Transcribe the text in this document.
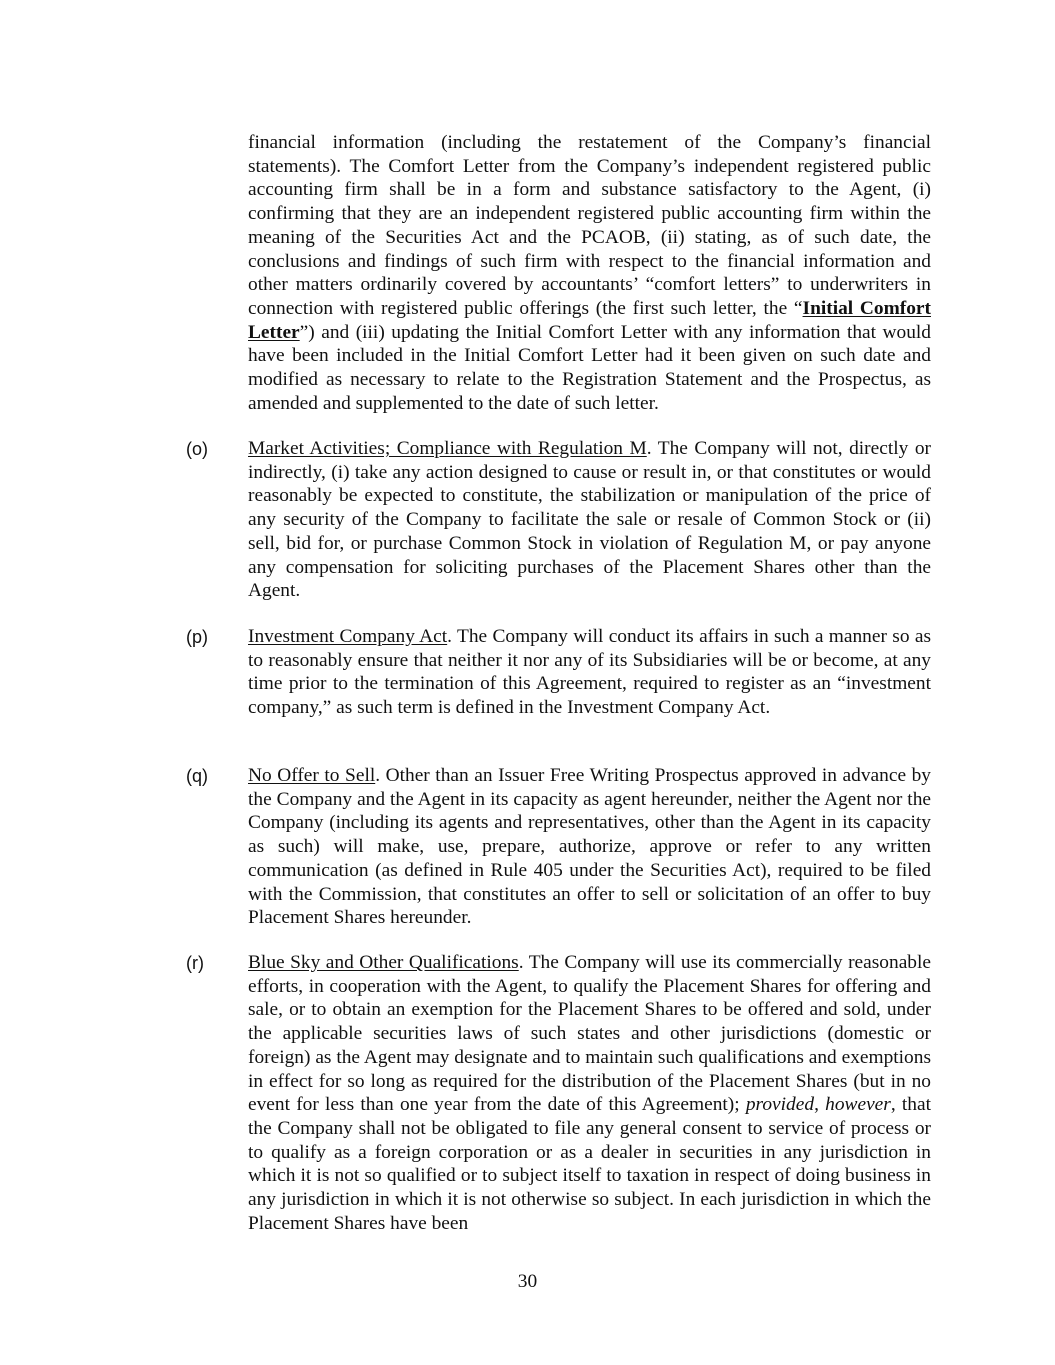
financial information (including the restatement of the Company’s financial statements). The Comfort Letter from the Company’s independent registered public accounting firm shall be in a form and substance satisfactory to the Agent, (i) confirming that they are an independent registered public accounting firm within the meaning of the Securities Act and the PCAOB, (ii) stating, as of such date, the conclusions and findings of such firm with respect to the financial information and other matters ordinarily covered by accountants’ “comfort letters” to underwriters in connection with registered public offerings (the first such letter, the “Initial Comfort Letter”) and (iii) updating the Initial Comfort Letter with any information that would have been included in the Initial Comfort Letter had it been given on such date and modified as necessary to relate to the Registration Statement and the Prospectus, as amended and supplemented to the date of such letter.
(o) Market Activities; Compliance with Regulation M. The Company will not, directly or indirectly, (i) take any action designed to cause or result in, or that constitutes or would reasonably be expected to constitute, the stabilization or manipulation of the price of any security of the Company to facilitate the sale or resale of Common Stock or (ii) sell, bid for, or purchase Common Stock in violation of Regulation M, or pay anyone any compensation for soliciting purchases of the Placement Shares other than the Agent.
(p) Investment Company Act. The Company will conduct its affairs in such a manner so as to reasonably ensure that neither it nor any of its Subsidiaries will be or become, at any time prior to the termination of this Agreement, required to register as an “investment company,” as such term is defined in the Investment Company Act.
(q) No Offer to Sell. Other than an Issuer Free Writing Prospectus approved in advance by the Company and the Agent in its capacity as agent hereunder, neither the Agent nor the Company (including its agents and representatives, other than the Agent in its capacity as such) will make, use, prepare, authorize, approve or refer to any written communication (as defined in Rule 405 under the Securities Act), required to be filed with the Commission, that constitutes an offer to sell or solicitation of an offer to buy Placement Shares hereunder.
(r) Blue Sky and Other Qualifications. The Company will use its commercially reasonable efforts, in cooperation with the Agent, to qualify the Placement Shares for offering and sale, or to obtain an exemption for the Placement Shares to be offered and sold, under the applicable securities laws of such states and other jurisdictions (domestic or foreign) as the Agent may designate and to maintain such qualifications and exemptions in effect for so long as required for the distribution of the Placement Shares (but in no event for less than one year from the date of this Agreement); provided, however, that the Company shall not be obligated to file any general consent to service of process or to qualify as a foreign corporation or as a dealer in securities in any jurisdiction in which it is not so qualified or to subject itself to taxation in respect of doing business in any jurisdiction in which it is not otherwise so subject. In each jurisdiction in which the Placement Shares have been
30
